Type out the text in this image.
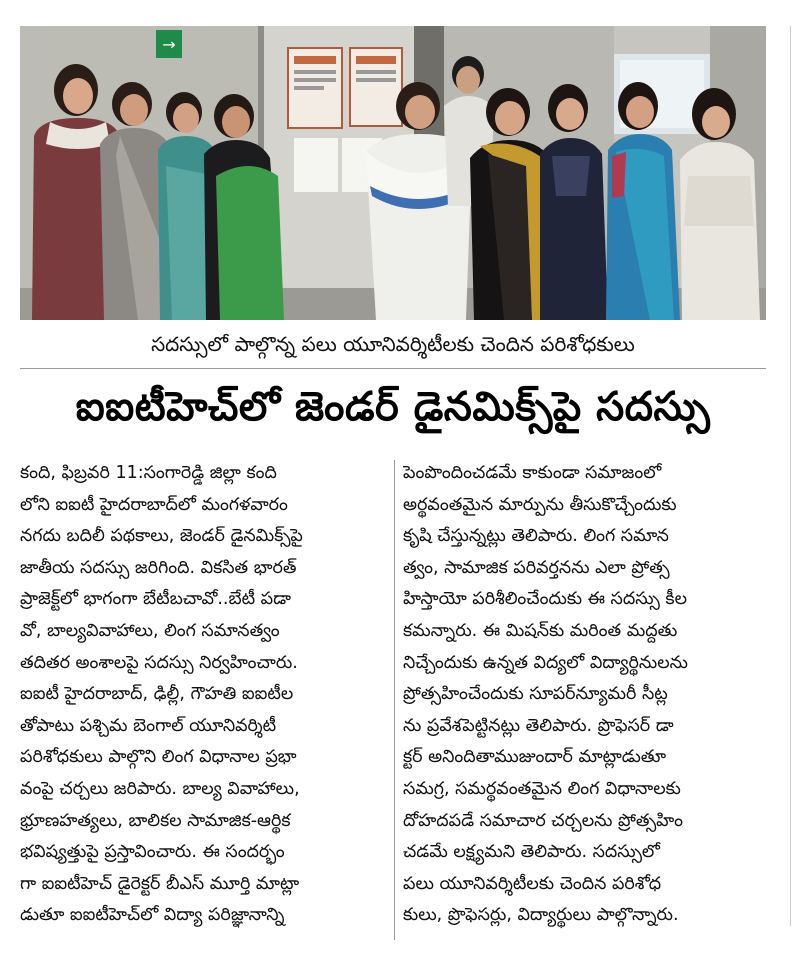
→
సదస్సులో పాల్గొన్న పలు యూనివర్శిటీలకు చెందిన పరిశోధకులు
ఐఐటీహెచ్‌లో జెండర్ డైనమిక్స్‌పై సదస్సు
కంది, ఫిబ్రవరి 11:సంగారెడ్డి జిల్లా కంది
లోని ఐఐటీ హైదరాబాద్‌లో మంగళవారం
నగదు బదిలీ పథకాలు, జెండర్ డైనమిక్స్‌పై
జాతీయ సదస్సు జరిగింది. వికసిత భారత్
ప్రాజెక్ట్‌లో భాగంగా బేటీబచావో..బేటీ పడా
వో, బాల్యవివాహాలు, లింగ సమానత్వం
తదితర అంశాలపై సదస్సు నిర్వహించారు.
ఐఐటీ హైదరాబాద్, ఢిల్లీ, గౌహతి ఐఐటీల
తోపాటు పశ్చిమ బెంగాల్ యూనివర్శిటీ
పరిశోధకులు పాల్గొని లింగ విధానాల ప్రభా
వంపై చర్చలు జరిపారు. బాల్య వివాహాలు,
భ్రూణహత్యలు, బాలికల సామాజిక-ఆర్థిక
భవిష్యత్తుపై ప్రస్తావించారు. ఈ సందర్భం
గా ఐఐటీహెచ్ డైరెక్టర్ బీఎస్ మూర్తి మాట్లా
డుతూ ఐఐటీహెచ్‌లో విద్యా పరిజ్ఞానాన్ని
పెంపొందించడమే కాకుండా సమాజంలో
అర్థవంతమైన మార్పును తీసుకొచ్చేందుకు
కృషి చేస్తున్నట్లు తెలిపారు. లింగ సమాన
త్వం, సామాజిక పరివర్తనను ఎలా ప్రోత్స
హిస్తాయో పరిశీలించేందుకు ఈ సదస్సు కీల
కమన్నారు. ఈ మిషన్‌కు మరింత మద్దతు
నిచ్చేందుకు ఉన్నత విద్యలో విద్యార్థినులను
ప్రోత్సహించేందుకు సూపర్‌న్యూమరీ సీట్ల
ను ప్రవేశపెట్టినట్లు తెలిపారు. ప్రొఫెసర్ డా
క్టర్ అనిందితాముజుందార్ మాట్లాడుతూ
సమగ్ర, సమర్థవంతమైన లింగ విధానాలకు
దోహదపడే సమాచార చర్చలను ప్రోత్సహిం
చడమే లక్ష్యమని తెలిపారు. సదస్సులో
పలు యూనివర్శిటీలకు చెందిన పరిశోధ
కులు, ప్రొఫెసర్లు, విద్యార్థులు పాల్గొన్నారు.
